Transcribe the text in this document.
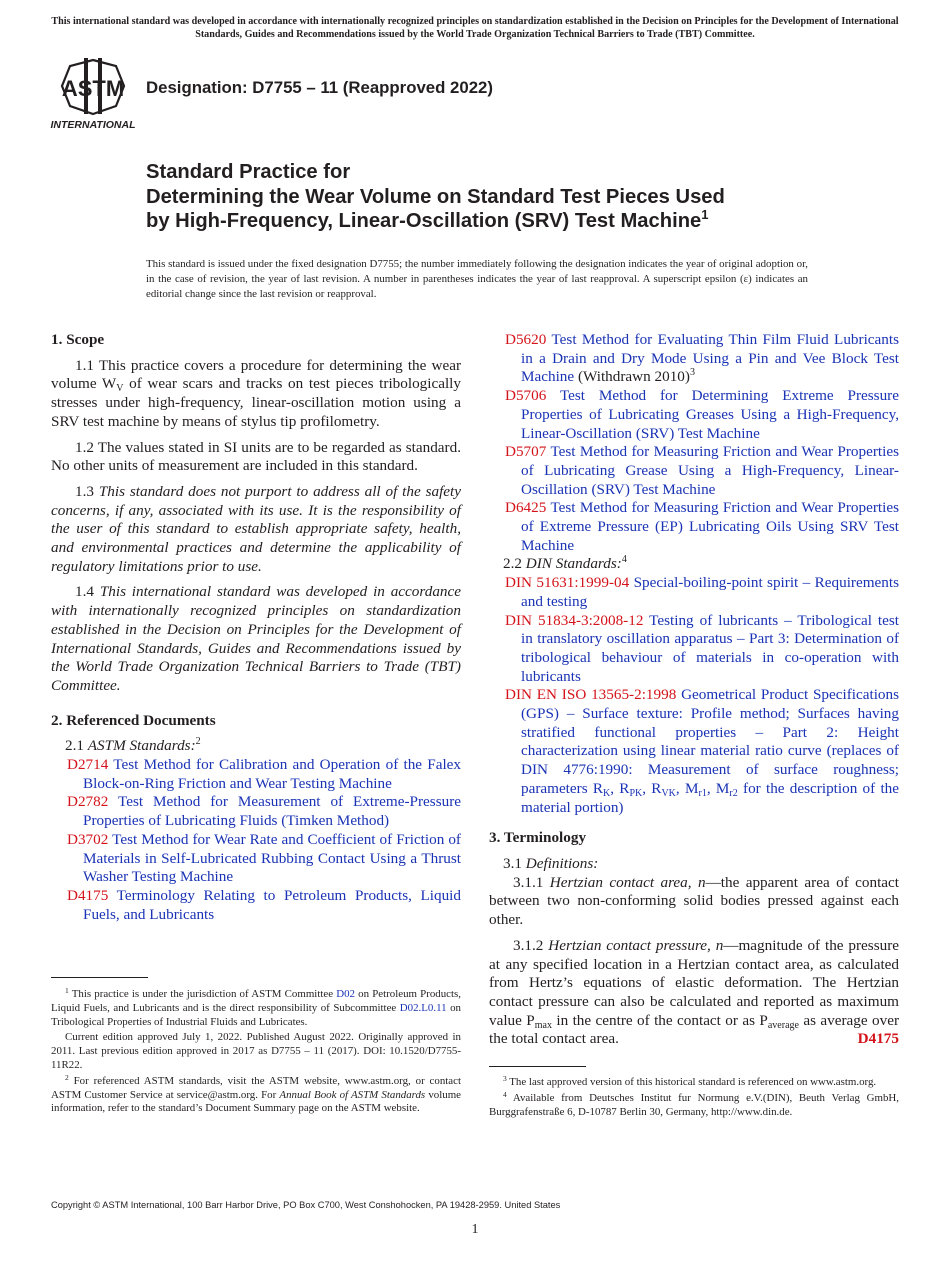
This international standard was developed in accordance with internationally recognized principles on standardization established in the Decision on Principles for the Development of International Standards, Guides and Recommendations issued by the World Trade Organization Technical Barriers to Trade (TBT) Committee.
ASTM
INTERNATIONAL
Designation: D7755 – 11 (Reapproved 2022)
Standard Practice for
Determining the Wear Volume on Standard Test Pieces Used
by High-Frequency, Linear-Oscillation (SRV) Test Machine$^1$
This standard is issued under the fixed designation D7755; the number immediately following the designation indicates the year of original adoption or, in the case of revision, the year of last revision. A number in parentheses indicates the year of last reapproval. A superscript epsilon (ε) indicates an editorial change since the last revision or reapproval.
1. Scope

1.1 This practice covers a procedure for determining the wear volume $W_V$ of wear scars and tracks on test pieces tribologically stresses under high-frequency, linear-oscillation motion using a SRV test machine by means of stylus tip profilometry.

1.2 The values stated in SI units are to be regarded as standard. No other units of measurement are included in this standard.

1.3 This standard does not purport to address all of the safety concerns, if any, associated with its use. It is the responsibility of the user of this standard to establish appropriate safety, health, and environmental practices and determine the applicability of regulatory limitations prior to use.

1.4 This international standard was developed in accordance with internationally recognized principles on standardization established in the Decision on Principles for the Development of International Standards, Guides and Recommendations issued by the World Trade Organization Technical Barriers to Trade (TBT) Committee.

2. Referenced Documents
2.1 ASTM Standards:$^2$

D2714 Test Method for Calibration and Operation of the Falex Block-on-Ring Friction and Wear Testing Machine

D2782 Test Method for Measurement of Extreme-Pressure Properties of Lubricating Fluids (Timken Method)

D3702 Test Method for Wear Rate and Coefficient of Friction of Materials in Self-Lubricated Rubbing Contact Using a Thrust Washer Testing Machine

D4175 Terminology Relating to Petroleum Products, Liquid Fuels, and Lubricants

$^1$ This practice is under the jurisdiction of ASTM Committee D02 on Petroleum Products, Liquid Fuels, and Lubricants and is the direct responsibility of Subcommittee D02.L0.11 on Tribological Properties of Industrial Fluids and Lubricates.

Current edition approved July 1, 2022. Published August 2022. Originally approved in 2011. Last previous edition approved in 2017 as D7755 – 11 (2017). DOI: 10.1520/D7755-11R22.

$^2$ For referenced ASTM standards, visit the ASTM website, www.astm.org, or contact ASTM Customer Service at service@astm.org. For Annual Book of ASTM Standards volume information, refer to the standard’s Document Summary page on the ASTM website.

D5620 Test Method for Evaluating Thin Film Fluid Lubricants in a Drain and Dry Mode Using a Pin and Vee Block Test Machine (Withdrawn 2010)$^3$

D5706 Test Method for Determining Extreme Pressure Properties of Lubricating Greases Using a High-Frequency, Linear-Oscillation (SRV) Test Machine

D5707 Test Method for Measuring Friction and Wear Properties of Lubricating Grease Using a High-Frequency, Linear-Oscillation (SRV) Test Machine

D6425 Test Method for Measuring Friction and Wear Properties of Extreme Pressure (EP) Lubricating Oils Using SRV Test Machine

2.2 DIN Standards:$^4$

DIN 51631:1999-04 Special-boiling-point spirit – Requirements and testing

DIN 51834-3:2008-12 Testing of lubricants – Tribological test in translatory oscillation apparatus – Part 3: Determination of tribological behaviour of materials in co-operation with lubricants

DIN EN ISO 13565-2:1998 Geometrical Product Specifications (GPS) – Surface texture: Profile method; Surfaces having stratified functional properties – Part 2: Height characterization using linear material ratio curve (replaces of DIN 4776:1990: Measurement of surface roughness; parameters $R_K$, $R_{PK}$, $R_{VK}$, $M_{r1}$, $M_{r2}$ for the description of the material portion)

3. Terminology
3.1 Definitions:

3.1.1 Hertzian contact area, n—the apparent area of contact between two non-conforming solid bodies pressed against each other.

3.1.2 Hertzian contact pressure, n—magnitude of the pressure at any specified location in a Hertzian contact area, as calculated from Hertz’s equations of elastic deformation. The Hertzian contact pressure can also be calculated and reported as maximum value $P_{max}$ in the centre of the contact or as $P_{average}$ as average over the total contact area.	D4175

$^3$ The last approved version of this historical standard is referenced on www.astm.org.

$^4$ Available from Deutsches Institut fur Normung e.V.(DIN), Beuth Verlag GmbH, Burggrafenstraße 6, D-10787 Berlin 30, Germany, http://www.din.de.

Copyright © ASTM International, 100 Barr Harbor Drive, PO Box C700, West Conshohocken, PA 19428-2959. United States
1
